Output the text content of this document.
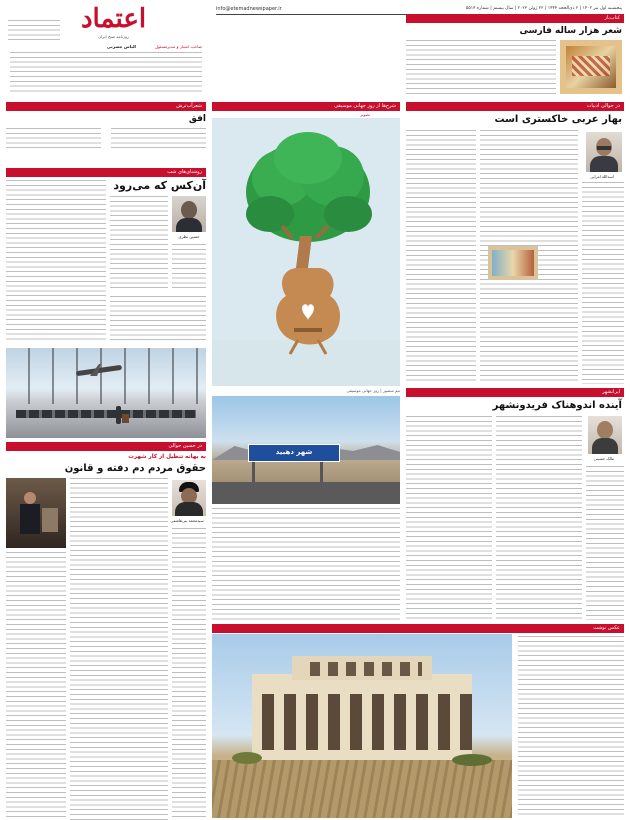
اعتماد
روزنامه صبح ایران
صاحب امتیاز و مدیرمسئول
الیاس حضرتی
info@etemadnewspaper.ir	پنجشنبه اول تیر ۱۴۰۲ | ۲ ذی‌الحجه ۱۴۴۴ | ۲۲ ژوئن ۲۰۲۳ | سال بیستم | شماره ۵۵۱۴
شعرآب‌ترش
افق
روشنای‌های شب
آن‌کس که می‌رود
حسین نظری
در حسین حوالی
به بهانه تنظیل از کار شهرت
حقوق مردم دم دفته و قانون
سیدمحمد بنی‌هاشمی
شرح‌ها از روز جهانی موسیقی
تصویر
تیم منصور | روز جهانی موسیقی
شهر دهبید
کتاب‌باز
شعر هزار ساله فارسی
در حوالی ادبیات
بهار عربی خاکستری است
اسدالله امرایی
ایرانشهر
آینده اندوهناک فریدونشهر
مالک حسینی
عکس نوشت
